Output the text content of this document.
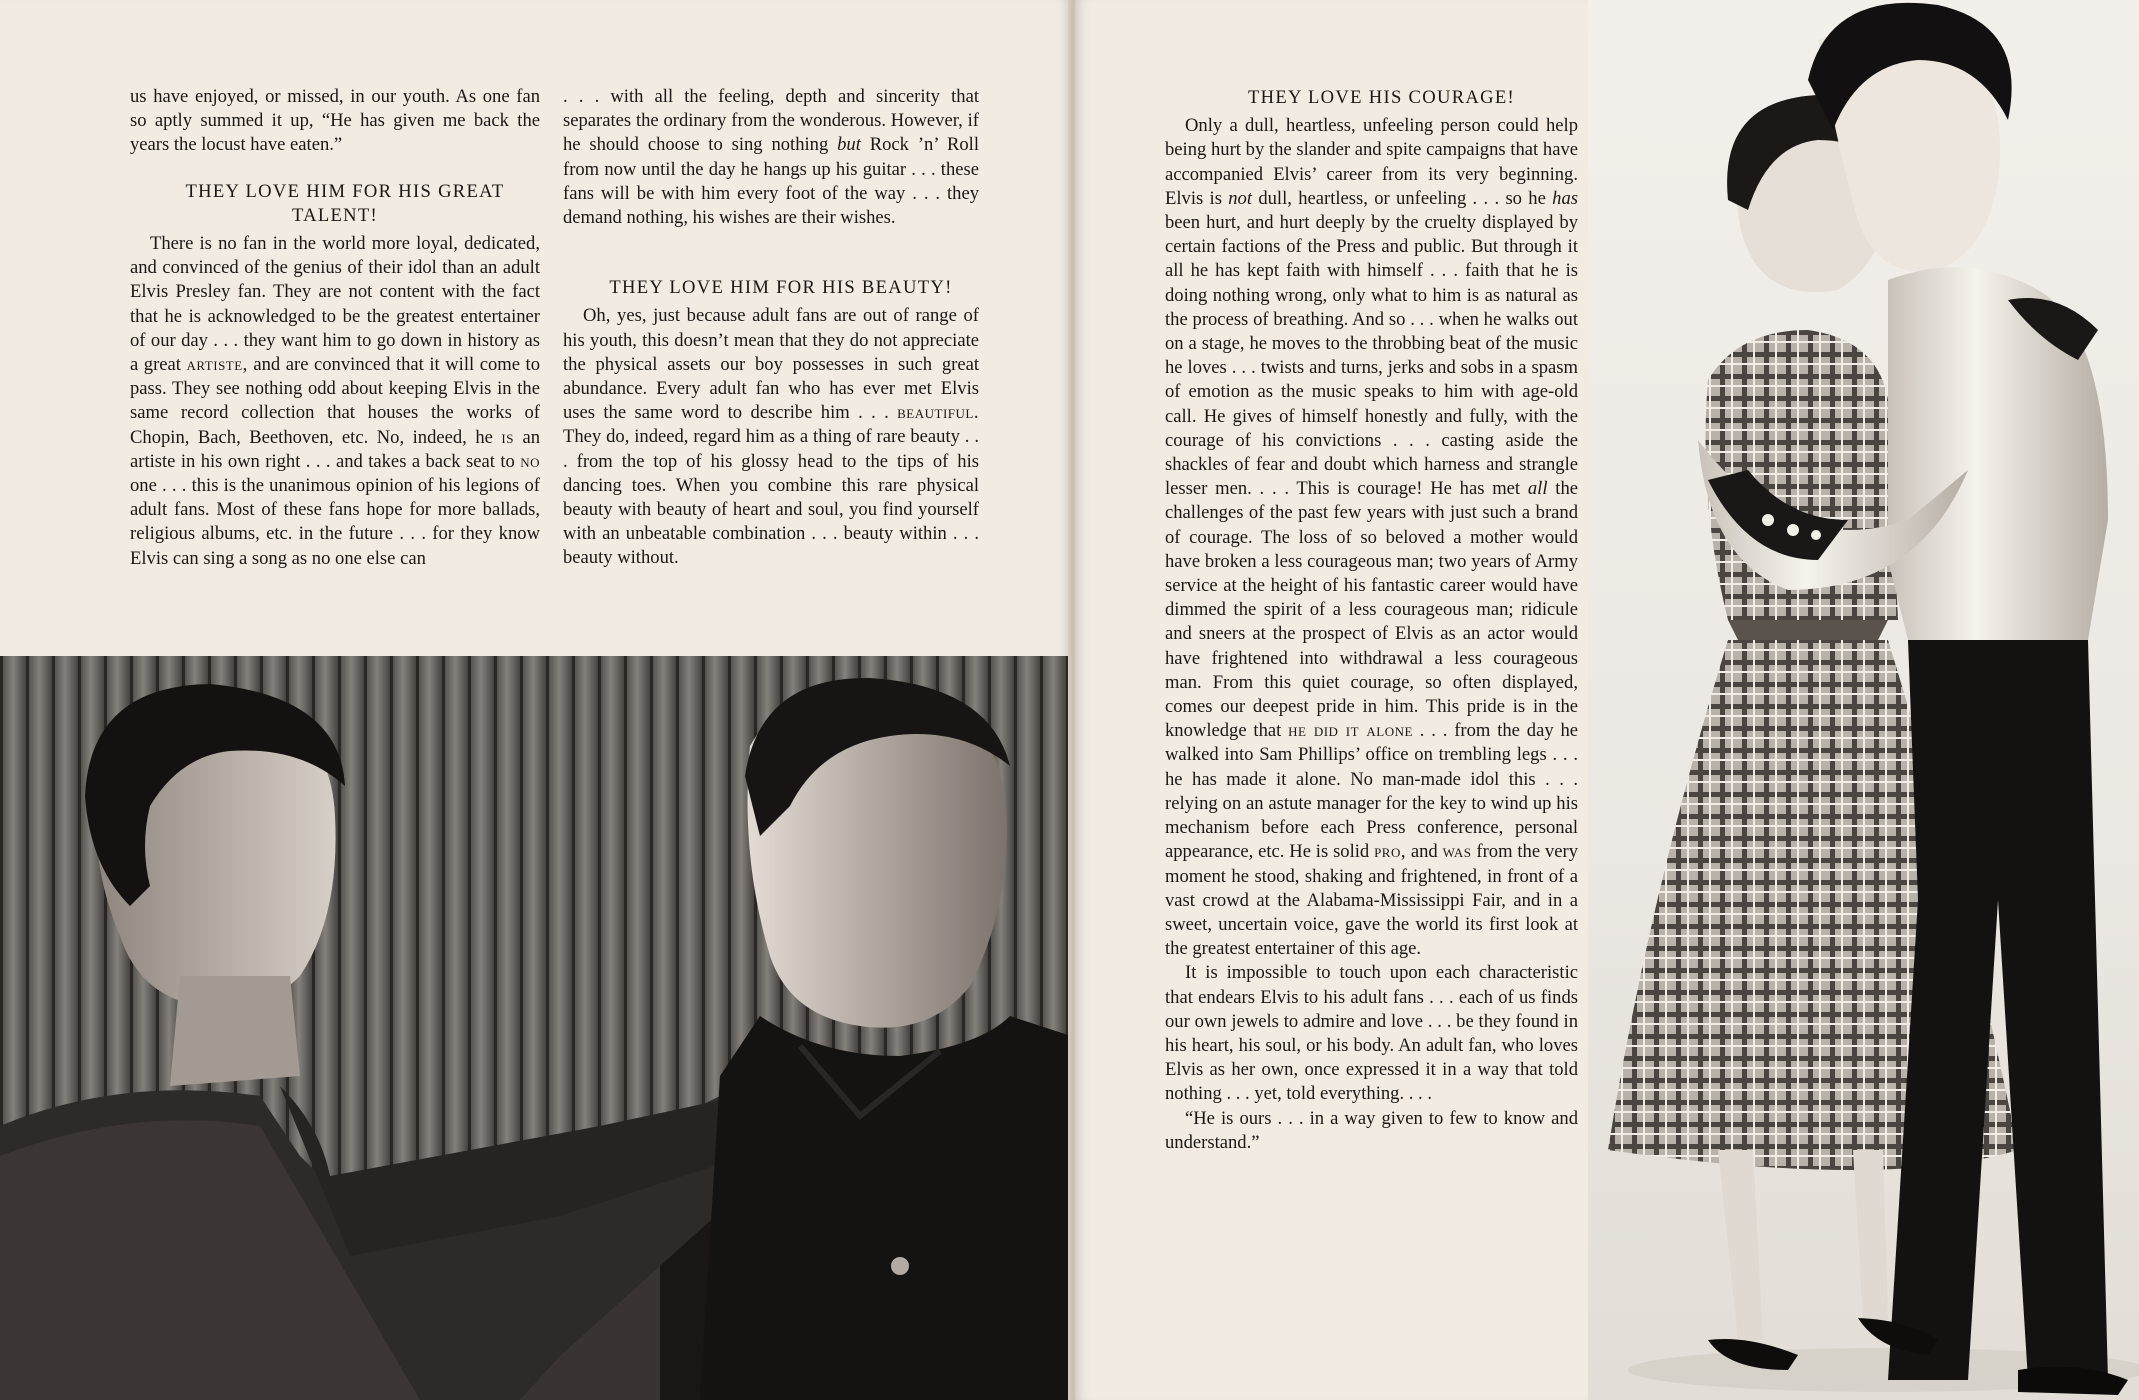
us have enjoyed, or missed, in our youth. As one fan so aptly summed it up, “He has given me back the years the locust have eaten.”

THEY LOVE HIM FOR HIS GREAT TALENT!

There is no fan in the world more loyal, dedicated, and convinced of the genius of their idol than an adult Elvis Presley fan. They are not content with the fact that he is acknowledged to be the greatest entertainer of our day . . . they want him to go down in history as a great artiste, and are convinced that it will come to pass. They see nothing odd about keeping Elvis in the same record collection that houses the works of Chopin, Bach, Beethoven, etc. No, indeed, he is an artiste in his own right . . . and takes a back seat to no one . . . this is the unanimous opinion of his legions of adult fans. Most of these fans hope for more ballads, religious albums, etc. in the future . . . for they know Elvis can sing a song as no one else can

. . . with all the feeling, depth and sincerity that separates the ordinary from the wonderous. However, if he should choose to sing nothing but Rock ’n’ Roll from now until the day he hangs up his guitar . . . these fans will be with him every foot of the way . . . they demand nothing, his wishes are their wishes.

THEY LOVE HIM FOR HIS BEAUTY!

Oh, yes, just because adult fans are out of range of his youth, this doesn’t mean that they do not appreciate the physical assets our boy possesses in such great abundance. Every adult fan who has ever met Elvis uses the same word to describe him . . . beautiful. They do, indeed, regard him as a thing of rare beauty . . . from the top of his glossy head to the tips of his dancing toes. When you combine this rare physical beauty with beauty of heart and soul, you find yourself with an unbeatable combination . . . beauty within . . . beauty without.

THEY LOVE HIS COURAGE!

Only a dull, heartless, unfeeling person could help being hurt by the slander and spite campaigns that have accompanied Elvis’ career from its very beginning. Elvis is not dull, heartless, or unfeeling . . . so he has been hurt, and hurt deeply by the cruelty displayed by certain factions of the Press and public. But through it all he has kept faith with himself . . . faith that he is doing nothing wrong, only what to him is as natural as the process of breathing. And so . . . when he walks out on a stage, he moves to the throbbing beat of the music he loves . . . twists and turns, jerks and sobs in a spasm of emotion as the music speaks to him with age-old call. He gives of himself honestly and fully, with the courage of his convictions . . . casting aside the shackles of fear and doubt which harness and strangle lesser men. . . . This is courage! He has met all the challenges of the past few years with just such a brand of courage. The loss of so beloved a mother would have broken a less courageous man; two years of Army service at the height of his fantastic career would have dimmed the spirit of a less courageous man; ridicule and sneers at the prospect of Elvis as an actor would have frightened into withdrawal a less courageous man. From this quiet courage, so often displayed, comes our deepest pride in him. This pride is in the knowledge that he did it alone . . . from the day he walked into Sam Phillips’ office on trembling legs . . . he has made it alone. No man-made idol this . . . relying on an astute manager for the key to wind up his mechanism before each Press conference, personal appearance, etc. He is solid pro, and was from the very moment he stood, shaking and frightened, in front of a vast crowd at the Alabama-Mississippi Fair, and in a sweet, uncertain voice, gave the world its first look at the greatest entertainer of this age.

It is impossible to touch upon each characteristic that endears Elvis to his adult fans . . . each of us finds our own jewels to admire and love . . . be they found in his heart, his soul, or his body. An adult fan, who loves Elvis as her own, once expressed it in a way that told nothing . . . yet, told everything. . . .

“He is ours . . . in a way given to few to know and understand.”
